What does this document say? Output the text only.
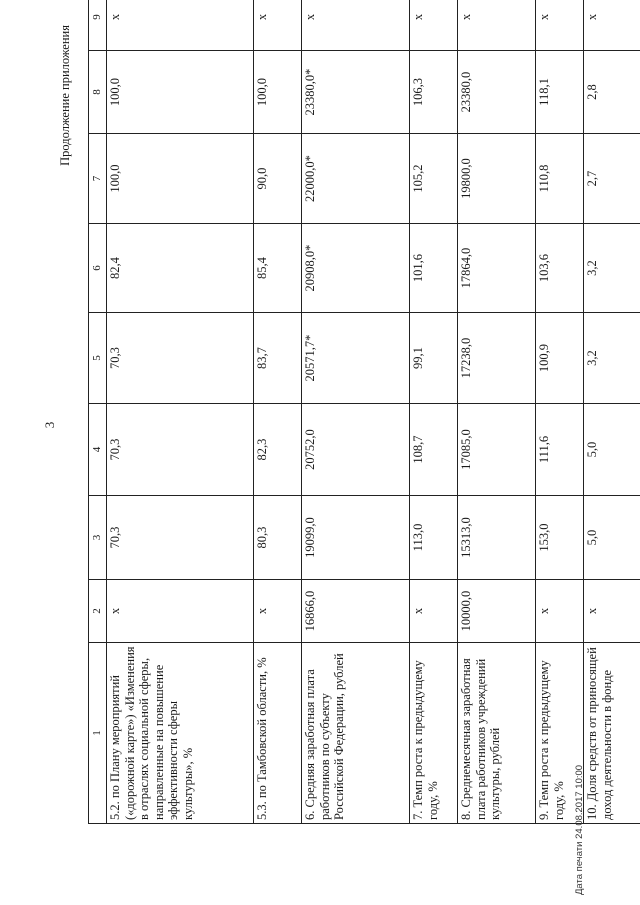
3
Продолжение приложения
1	2	3	4	5	6	7	8	9	
5.2. по Плану мероприятий («дорожной карте») «Изменения в отраслях социальной сферы, направленные на повышение эффективности сферы культуры», %	x	70,3	70,3	70,3	82,4	100,0	100,0	x	
5.3. по Тамбовской области, %	x	80,3	82,3	83,7	85,4	90,0	100,0	x	
6. Средняя заработная плата работников по субъекту Российской Федерации, рублей	16866,0	19099,0	20752,0	20571,7*	20908,0*	22000,0*	23380,0*	x	
7. Темп роста к предыдущему году, %	x	113,0	108,7	99,1	101,6	105,2	106,3	x	
8. Среднемесячная заработная плата работников учреждений культуры, рублей	10000,0	15313,0	17085,0	17238,0	17864,0	19800,0	23380,0	x	
9. Темп роста к предыдущему году, %	x	153,0	111,6	100,9	103,6	110,8	118,1	x	
10. Доля средств от приносящей доход деятельности в фонде	x	5,0	5,0	3,2	3,2	2,7	2,8	x	
Дата печати 24.08.2017 10:00
